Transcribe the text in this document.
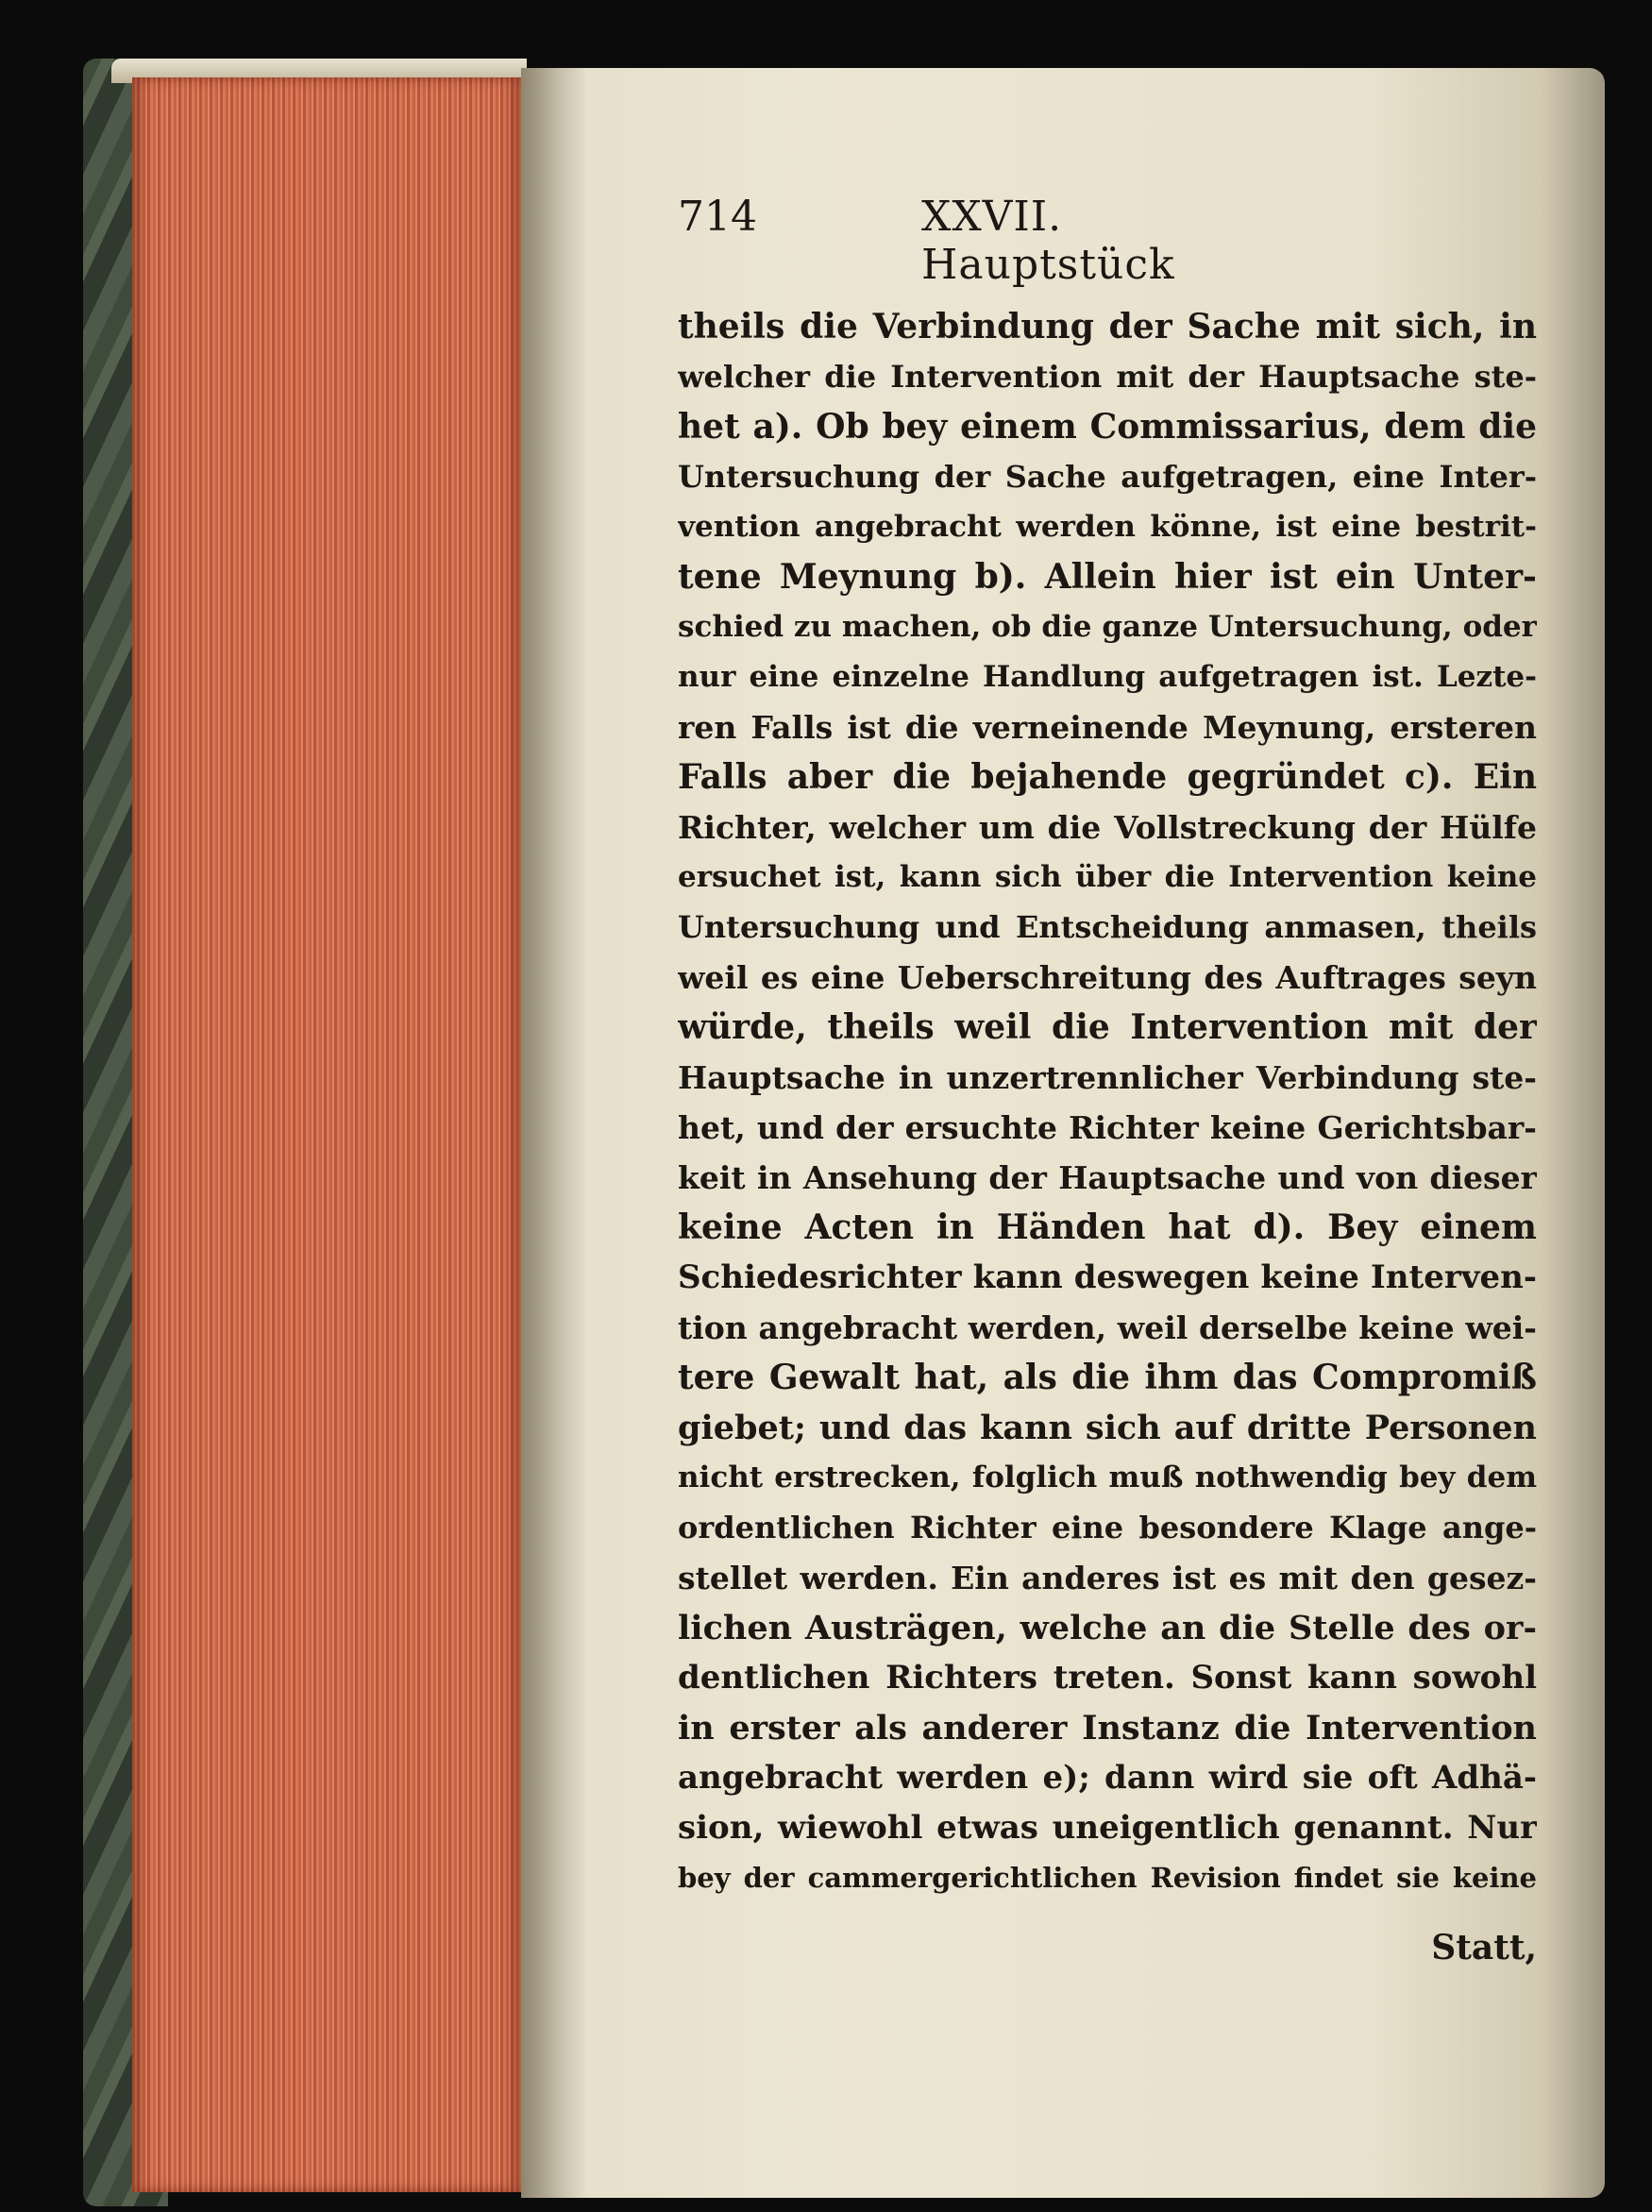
714	XXVII. Hauptstück
theils die Verbindung der Sache mit sich, in
welcher die Intervention mit der Hauptsache ste-
het a). Ob bey einem Commissarius, dem die
Untersuchung der Sache aufgetragen, eine Inter-
vention angebracht werden könne, ist eine bestrit-
tene Meynung b). Allein hier ist ein Unter-
schied zu machen, ob die ganze Untersuchung, oder
nur eine einzelne Handlung aufgetragen ist. Lezte-
ren Falls ist die verneinende Meynung, ersteren
Falls aber die bejahende gegründet c). Ein
Richter, welcher um die Vollstreckung der Hülfe
ersuchet ist, kann sich über die Intervention keine
Untersuchung und Entscheidung anmasen, theils
weil es eine Ueberschreitung des Auftrages seyn
würde, theils weil die Intervention mit der
Hauptsache in unzertrennlicher Verbindung ste-
het, und der ersuchte Richter keine Gerichtsbar-
keit in Ansehung der Hauptsache und von dieser
keine Acten in Händen hat d). Bey einem
Schiedesrichter kann deswegen keine Interven-
tion angebracht werden, weil derselbe keine wei-
tere Gewalt hat, als die ihm das Compromiß
giebet; und das kann sich auf dritte Personen
nicht erstrecken, folglich muß nothwendig bey dem
ordentlichen Richter eine besondere Klage ange-
stellet werden. Ein anderes ist es mit den gesez-
lichen Austrägen, welche an die Stelle des or-
dentlichen Richters treten. Sonst kann sowohl
in erster als anderer Instanz die Intervention
angebracht werden e); dann wird sie oft Adhä-
sion, wiewohl etwas uneigentlich genannt. Nur
bey der cammergerichtlichen Revision findet sie keine
Statt,
